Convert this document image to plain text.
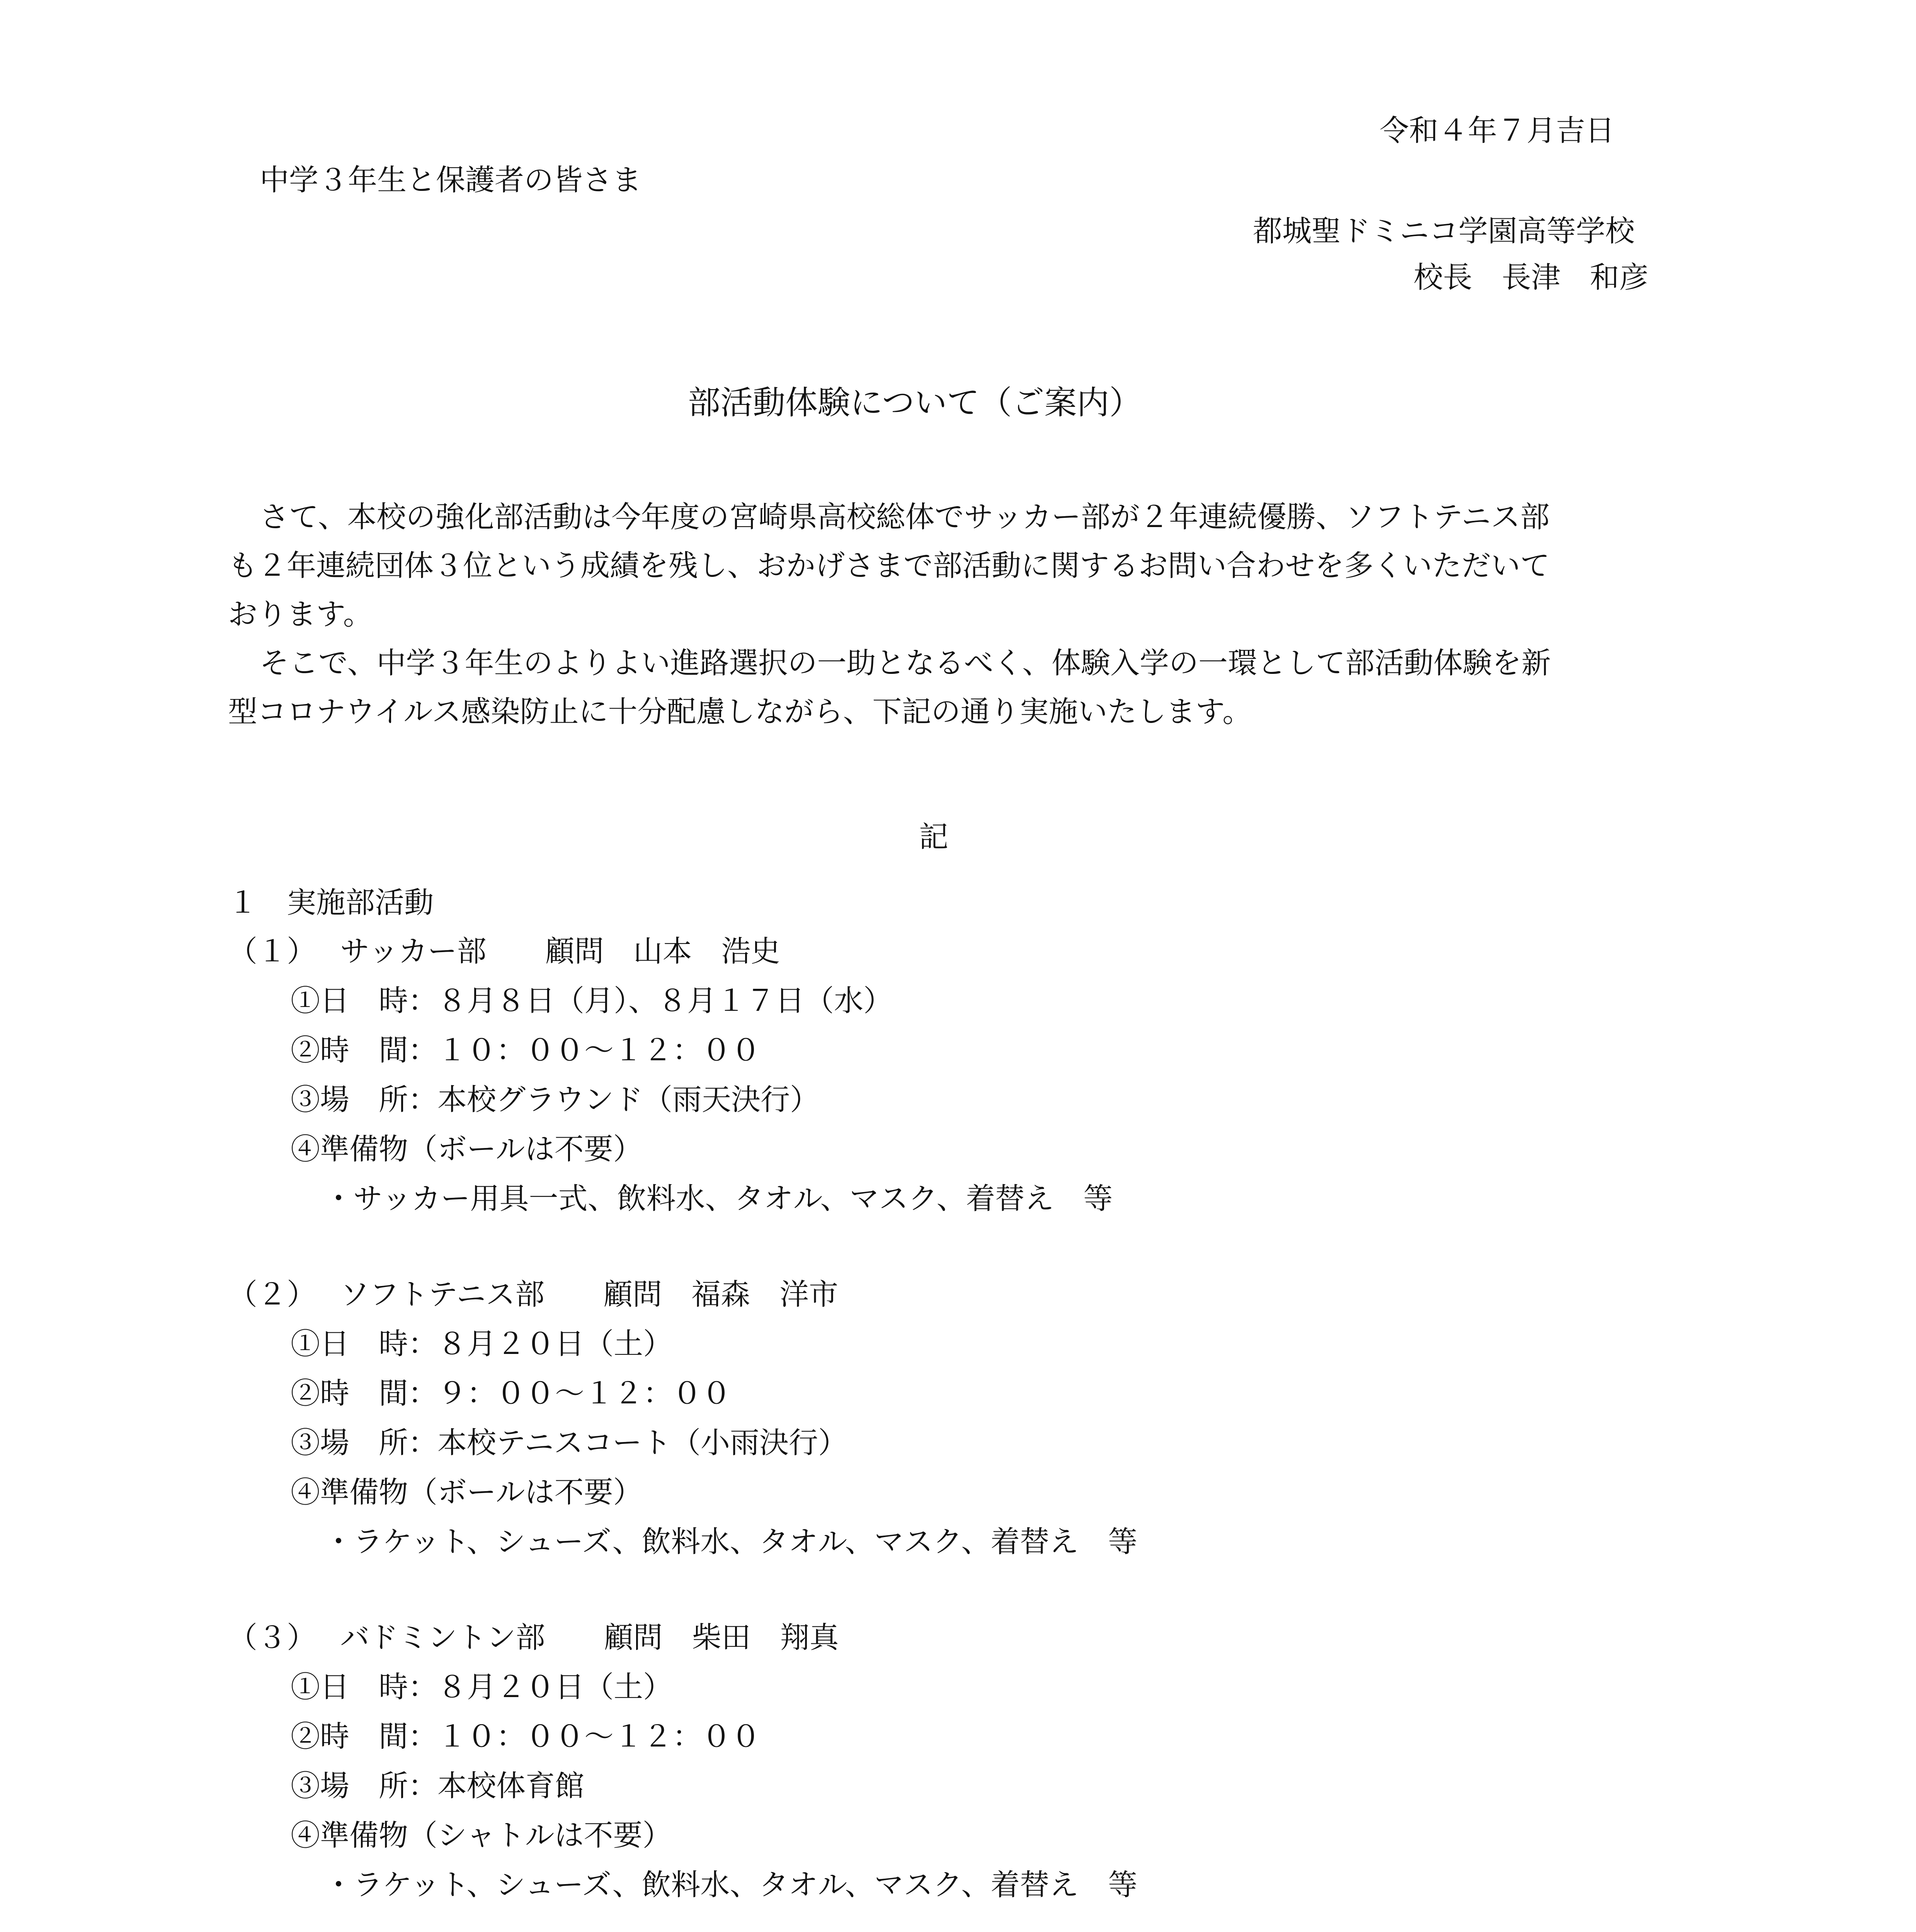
令和４年７月吉日
中学３年生と保護者の皆さま
都城聖ドミニコ学園高等学校
校長　長津　和彦
部活動体験について（ご案内）
さて、本校の強化部活動は今年度の宮崎県高校総体でサッカー部が２年連続優勝、ソフトテニス部
も２年連続団体３位という成績を残し、おかげさまで部活動に関するお問い合わせを多くいただいて
おります。
そこで、中学３年生のよりよい進路選択の一助となるべく、体験入学の一環として部活動体験を新
型コロナウイルス感染防止に十分配慮しながら、下記の通り実施いたします。
記
１　実施部活動
（１）　 サッカー部　　顧問　山本　浩史
①日　時：８月８日（月）、８月１７日（水）
②時　間：１０：００～１２：００
③場　所：本校グラウンド（雨天決行）
④準備物（ボールは不要）
・サッカー用具一式、飲料水、タオル、マスク、着替え　等
（２）　 ソフトテニス部　　顧問　福森　洋市
①日　時：８月２０日（土）
②時　間：９：００～１２：００
③場　所：本校テニスコート（小雨決行）
④準備物（ボールは不要）
・ラケット、シューズ、飲料水、タオル、マスク、着替え　等
（３）　 バドミントン部　　顧問　柴田　翔真
①日　時：８月２０日（土）
②時　間：１０：００～１２：００
③場　所：本校体育館
④準備物（シャトルは不要）
・ラケット、シューズ、飲料水、タオル、マスク、着替え　等
